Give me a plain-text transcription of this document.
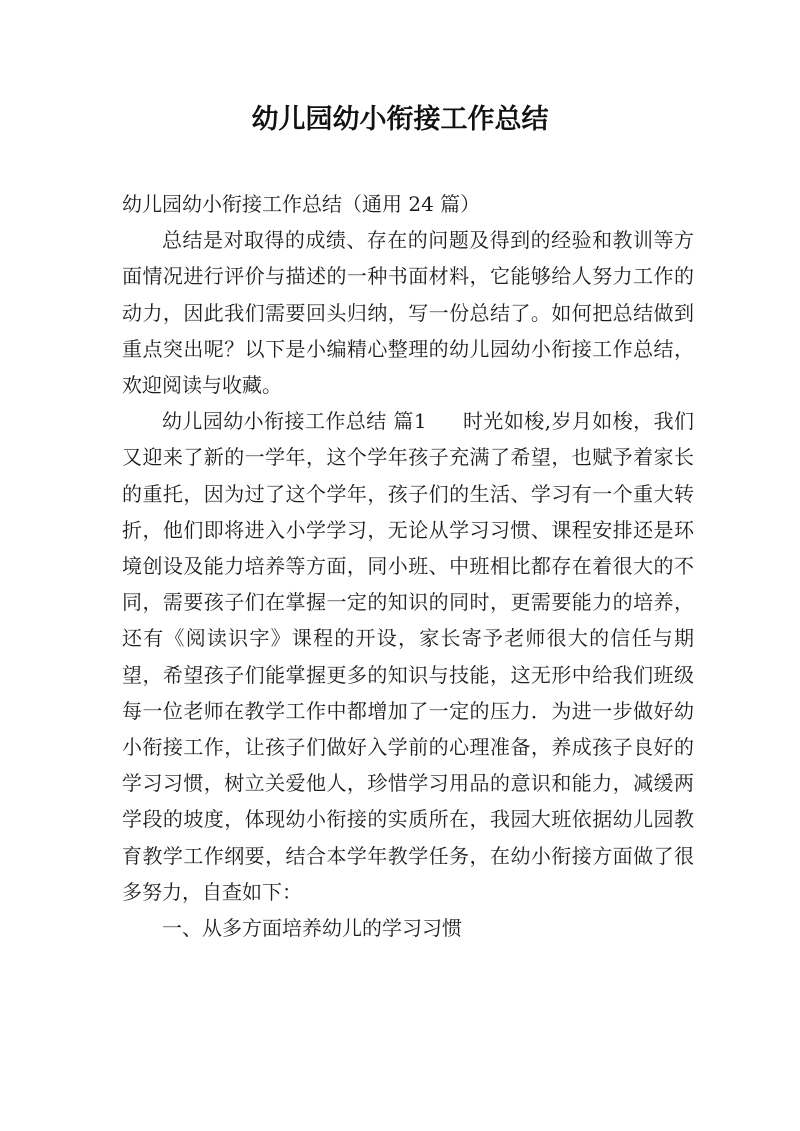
幼儿园幼小衔接工作总结

幼儿园幼小衔接工作总结（通用 24 篇）

总结是对取得的成绩、存在的问题及得到的经验和教训等方面情况进行评价与描述的一种书面材料，它能够给人努力工作的动力，因此我们需要回头归纳，写一份总结了。如何把总结做到重点突出呢？以下是小编精心整理的幼儿园幼小衔接工作总结，欢迎阅读与收藏。

幼儿园幼小衔接工作总结 篇1 时光如梭,岁月如梭，我们又迎来了新的一学年，这个学年孩子充满了希望，也赋予着家长的重托，因为过了这个学年，孩子们的生活、学习有一个重大转折，他们即将进入小学学习，无论从学习习惯、课程安排还是环境创设及能力培养等方面，同小班、中班相比都存在着很大的不同，需要孩子们在掌握一定的知识的同时，更需要能力的培养，还有《阅读识字》课程的开设，家长寄予老师很大的信任与期望，希望孩子们能掌握更多的知识与技能，这无形中给我们班级每一位老师在教学工作中都增加了一定的压力．为进一步做好幼小衔接工作，让孩子们做好入学前的心理准备，养成孩子良好的学习习惯，树立关爱他人，珍惜学习用品的意识和能力，减缓两学段的坡度，体现幼小衔接的实质所在，我园大班依据幼儿园教育教学工作纲要，结合本学年教学任务，在幼小衔接方面做了很多努力，自查如下：

一、从多方面培养幼儿的学习习惯
